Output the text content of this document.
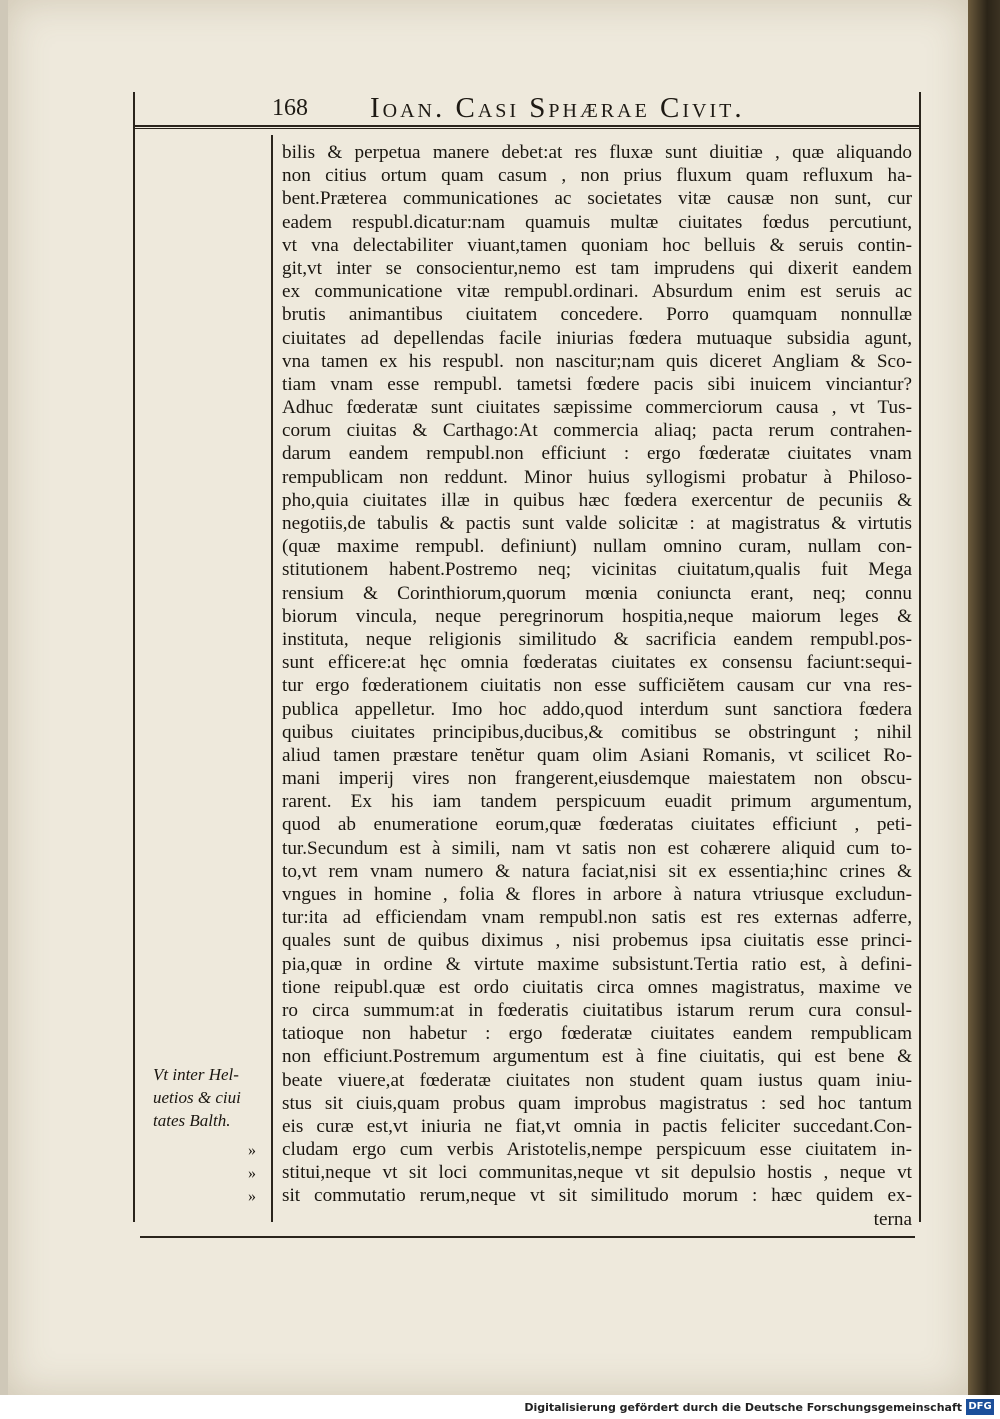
168 Ioan. Casi Sphærae Civit.
bilis & perpetua manere debet:at res fluxæ sunt diuitiæ , quæ aliquando
non citius ortum quam casum , non prius fluxum quam refluxum ha-
bent.Præterea communicationes ac societates vitæ causæ non sunt, cur
eadem respubl.dicatur:nam quamuis multæ ciuitates fœdus percutiunt,
vt vna delectabiliter viuant,tamen quoniam hoc belluis & seruis contin-
git,vt inter se consocientur,nemo est tam imprudens qui dixerit eandem
ex communicatione vitæ rempubl.ordinari. Absurdum enim est seruis ac
brutis animantibus ciuitatem concedere. Porro quamquam nonnullæ
ciuitates ad depellendas facile iniurias fœdera mutuaque subsidia agunt,
vna tamen ex his respubl. non nascitur;nam quis diceret Angliam & Sco-
tiam vnam esse rempubl. tametsi fœdere pacis sibi inuicem vinciantur?
Adhuc fœderatæ sunt ciuitates sæpissime commerciorum causa , vt Tus-
corum ciuitas & Carthago:At commercia aliaq; pacta rerum contrahen-
darum eandem rempubl.non efficiunt : ergo fœderatæ ciuitates vnam
rempublicam non reddunt. Minor huius syllogismi probatur à Philoso-
pho,quia ciuitates illæ in quibus hæc fœdera exercentur de pecuniis &
negotiis,de tabulis & pactis sunt valde solicitæ : at magistratus & virtutis
(quæ maxime rempubl. definiunt) nullam omnino curam, nullam con-
stitutionem habent.Postremo neq; vicinitas ciuitatum,qualis fuit Mega
rensium & Corinthiorum,quorum mœnia coniuncta erant, neq; connu
biorum vincula, neque peregrinorum hospitia,neque maiorum leges &
instituta, neque religionis similitudo & sacrificia eandem rempubl.pos-
sunt efficere:at hęc omnia fœderatas ciuitates ex consensu faciunt:sequi-
tur ergo fœderationem ciuitatis non esse sufficiĕtem causam cur vna res-
publica appelletur. Imo hoc addo,quod interdum sunt sanctiora fœdera
quibus ciuitates principibus,ducibus,& comitibus se obstringunt ; nihil
aliud tamen præstare tenĕtur quam olim Asiani Romanis, vt scilicet Ro-
mani imperij vires non frangerent,eiusdemque maiestatem non obscu-
rarent. Ex his iam tandem perspicuum euadit primum argumentum,
quod ab enumeratione eorum,quæ fœderatas ciuitates efficiunt , peti-
tur.Secundum est à simili, nam vt satis non est cohærere aliquid cum to-
to,vt rem vnam numero & natura faciat,nisi sit ex essentia;hinc crines &
vngues in homine , folia & flores in arbore à natura vtriusque excludun-
tur:ita ad efficiendam vnam rempubl.non satis est res externas adferre,
quales sunt de quibus diximus , nisi probemus ipsa ciuitatis esse princi-
pia,quæ in ordine & virtute maxime subsistunt.Tertia ratio est, à defini-
tione reipubl.quæ est ordo ciuitatis circa omnes magistratus, maxime ve
ro circa summum:at in fœderatis ciuitatibus istarum rerum cura consul-
tatioque non habetur : ergo fœderatæ ciuitates eandem rempublicam
non efficiunt.Postremum argumentum est à fine ciuitatis, qui est bene &
beate viuere,at fœderatæ ciuitates non student quam iustus quam iniu-
stus sit ciuis,quam probus quam improbus magistratus : sed hoc tantum
eis curæ est,vt iniuria ne fiat,vt omnia in pactis feliciter succedant.Con-
cludam ergo cum verbis Aristotelis,nempe perspicuum esse ciuitatem in-
stitui,neque vt sit loci communitas,neque vt sit depulsio hostis , neque vt
sit commutatio rerum,neque vt sit similitudo morum : hæc quidem ex-
terna
Vt inter Hel-
uetios & ciui
tates Balth.
»
»
»
Digitalisierung gefördert durch die Deutsche Forschungsgemeinschaft DFG
